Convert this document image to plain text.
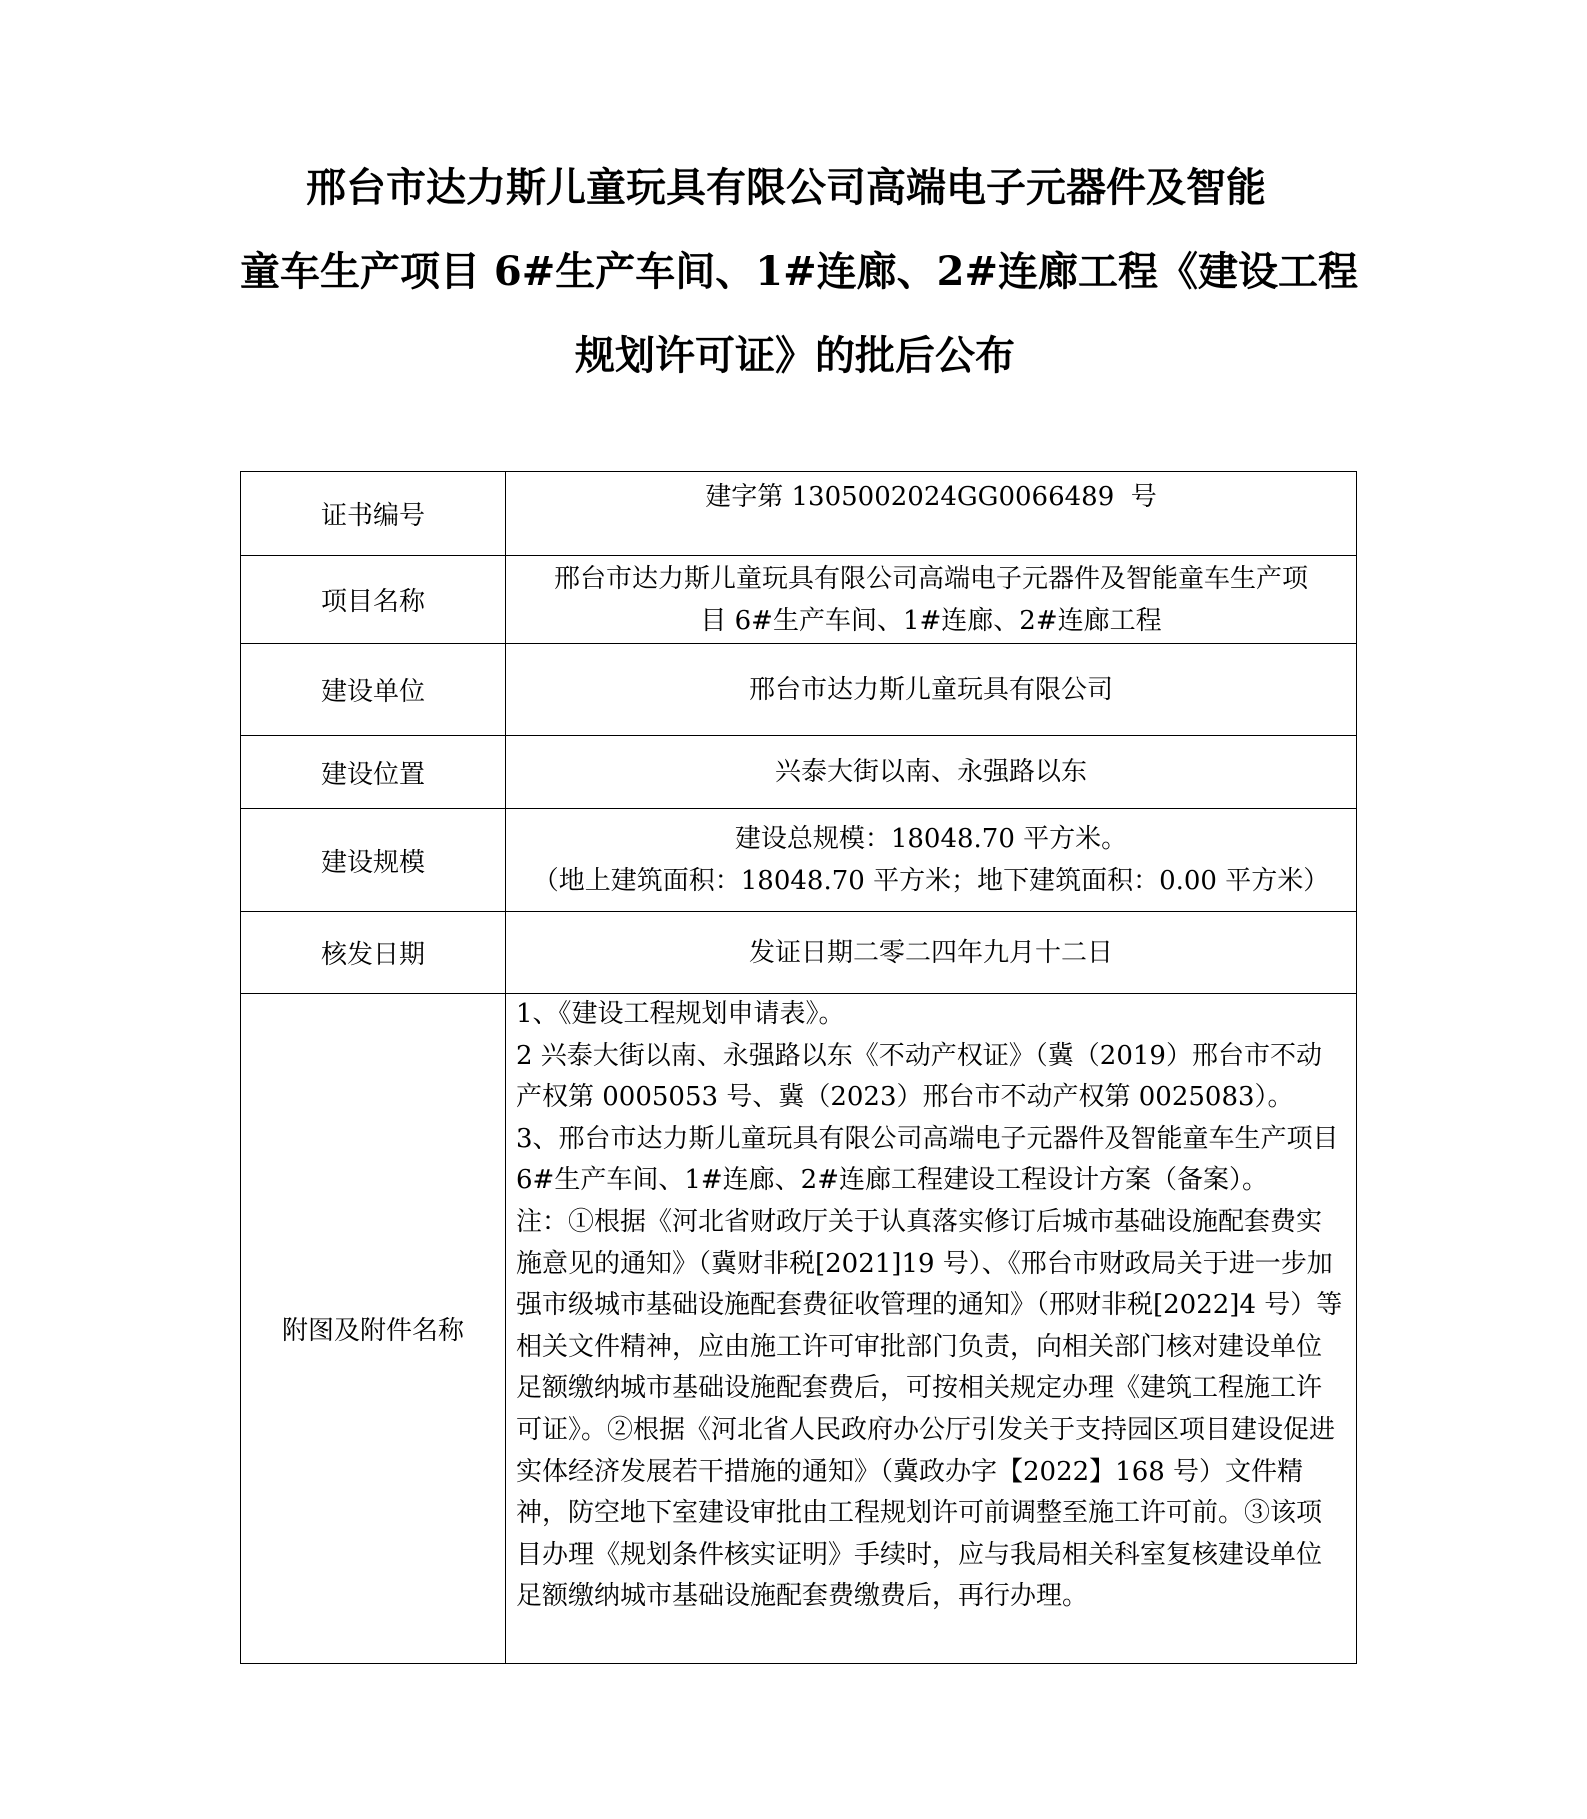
邢台市达力斯儿童玩具有限公司高端电子元器件及智能
童车生产项目 6#生产车间、1#连廊、2#连廊工程《建设工程
规划许可证》的批后公布
证书编号	建字第 1305002024GG0066489  号

项目名称	邢台市达力斯儿童玩具有限公司高端电子元器件及智能童车生产项
目 6#生产车间、1#连廊、2#连廊工程

建设单位	邢台市达力斯儿童玩具有限公司

建设位置	兴泰大街以南、永强路以东

建设规模	建设总规模：18048.70 平方米。
（地上建筑面积：18048.70 平方米；地下建筑面积：0.00 平方米）

核发日期	发证日期二零二四年九月十二日

附图及附件名称	1、《建设工程规划申请表》。

2 兴泰大街以南、永强路以东《不动产权证》（冀（2019）邢台市不动产权第 0005053 号、冀（2023）邢台市不动产权第 0025083）。

3、邢台市达力斯儿童玩具有限公司高端电子元器件及智能童车生产项目 6#生产车间、1#连廊、2#连廊工程建设工程设计方案（备案）。

注：①根据《河北省财政厅关于认真落实修订后城市基础设施配套费实施意见的通知》（冀财非税[2021]19 号）、《邢台市财政局关于进一步加强市级城市基础设施配套费征收管理的通知》（邢财非税[2022]4 号）等相关文件精神，应由施工许可审批部门负责，向相关部门核对建设单位足额缴纳城市基础设施配套费后，可按相关规定办理《建筑工程施工许可证》。②根据《河北省人民政府办公厅引发关于支持园区项目建设促进实体经济发展若干措施的通知》（冀政办字【2022】168 号）文件精神，防空地下室建设审批由工程规划许可前调整至施工许可前。③该项目办理《规划条件核实证明》手续时，应与我局相关科室复核建设单位足额缴纳城市基础设施配套费缴费后，再行办理。
